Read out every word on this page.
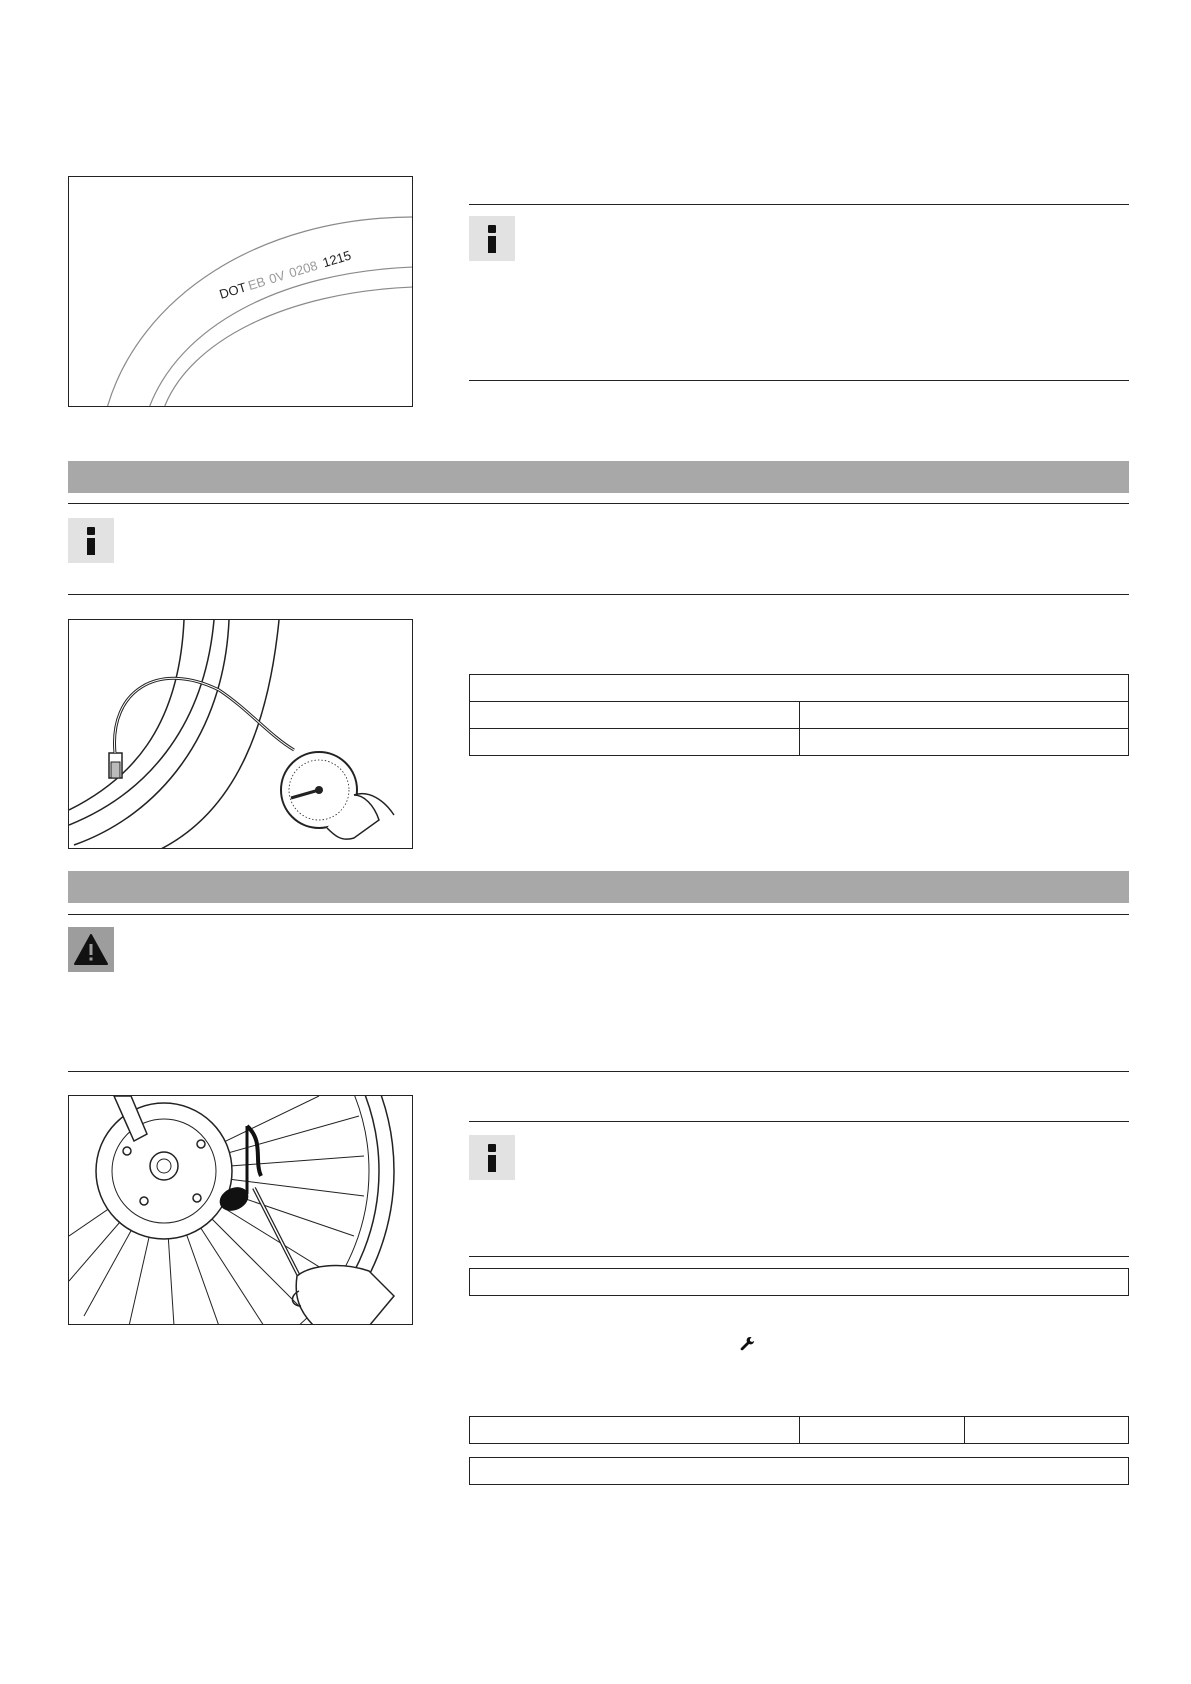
DOT
EB 0V 0208 1215
